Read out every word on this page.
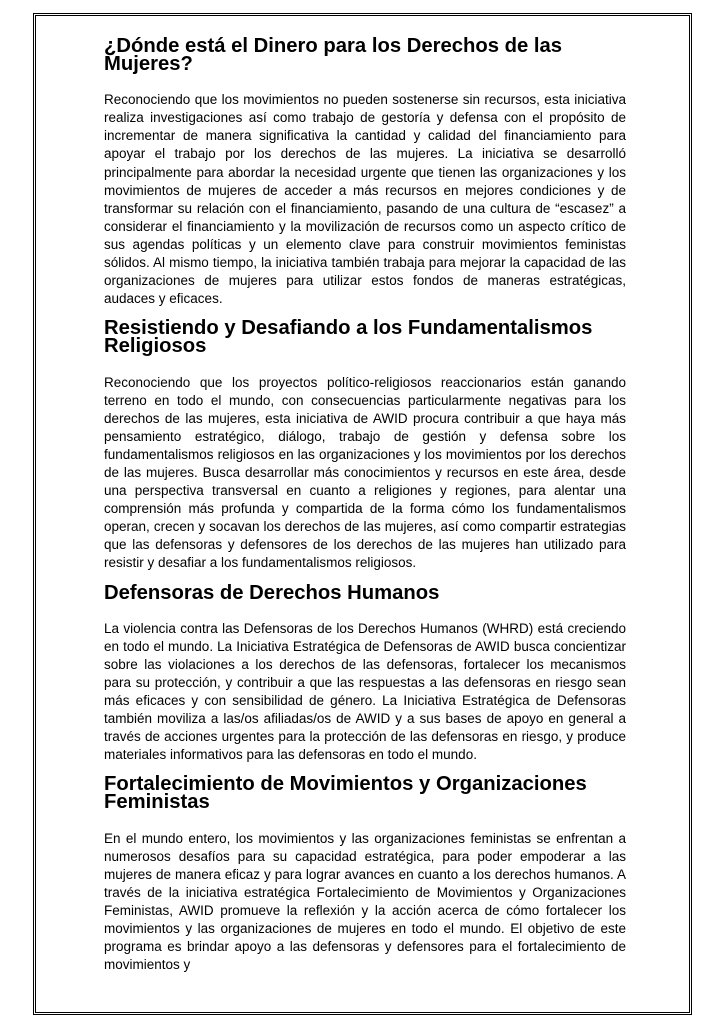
¿Dónde está el Dinero para los Derechos de las Mujeres?

Reconociendo que los movimientos no pueden sostenerse sin recursos, esta iniciativa realiza investigaciones así como trabajo de gestoría y defensa con el propósito de incrementar de manera significativa la cantidad y calidad del financiamiento para apoyar el trabajo por los derechos de las mujeres. La iniciativa se desarrolló principalmente para abordar la necesidad urgente que tienen las organizaciones y los movimientos de mujeres de acceder a más recursos en mejores condiciones y de transformar su relación con el financiamiento, pasando de una cultura de “escasez” a considerar el financiamiento y la movilización de recursos como un aspecto crítico de sus agendas políticas y un elemento clave para construir movimientos feministas sólidos. Al mismo tiempo, la iniciativa también trabaja para mejorar la capacidad de las organizaciones de mujeres para utilizar estos fondos de maneras estratégicas, audaces y eficaces.

Resistiendo y Desafiando a los Fundamentalismos Religiosos

Reconociendo que los proyectos político-religiosos reaccionarios están ganando terreno en todo el mundo, con consecuencias particularmente negativas para los derechos de las mujeres, esta iniciativa de AWID procura contribuir a que haya más pensamiento estratégico, diálogo, trabajo de gestión y defensa sobre los fundamentalismos religiosos en las organizaciones y los movimientos por los derechos de las mujeres. Busca desarrollar más conocimientos y recursos en este área, desde una perspectiva transversal en cuanto a religiones y regiones, para alentar una comprensión más profunda y compartida de la forma cómo los fundamentalismos operan, crecen y socavan los derechos de las mujeres, así como compartir estrategias que las defensoras y defensores de los derechos de las mujeres han utilizado para resistir y desafiar a los fundamentalismos religiosos.

Defensoras de Derechos Humanos

La violencia contra las Defensoras de los Derechos Humanos (WHRD) está creciendo en todo el mundo. La Iniciativa Estratégica de Defensoras de AWID busca concientizar sobre las violaciones a los derechos de las defensoras, fortalecer los mecanismos para su protección, y contribuir a que las respuestas a las defensoras en riesgo sean más eficaces y con sensibilidad de género. La Iniciativa Estratégica de Defensoras también moviliza a las/os afiliadas/os de AWID y a sus bases de apoyo en general a través de acciones urgentes para la protección de las defensoras en riesgo, y produce materiales informativos para las defensoras en todo el mundo.

Fortalecimiento de Movimientos y Organizaciones Feministas

En el mundo entero, los movimientos y las organizaciones feministas se enfrentan a numerosos desafíos para su capacidad estratégica, para poder empoderar a las mujeres de manera eficaz y para lograr avances en cuanto a los derechos humanos. A través de la iniciativa estratégica Fortalecimiento de Movimientos y Organizaciones Feministas, AWID promueve la reflexión y la acción acerca de cómo fortalecer los movimientos y las organizaciones de mujeres en todo el mundo. El objetivo de este programa es brindar apoyo a las defensoras y defensores para el fortalecimiento de movimientos y
